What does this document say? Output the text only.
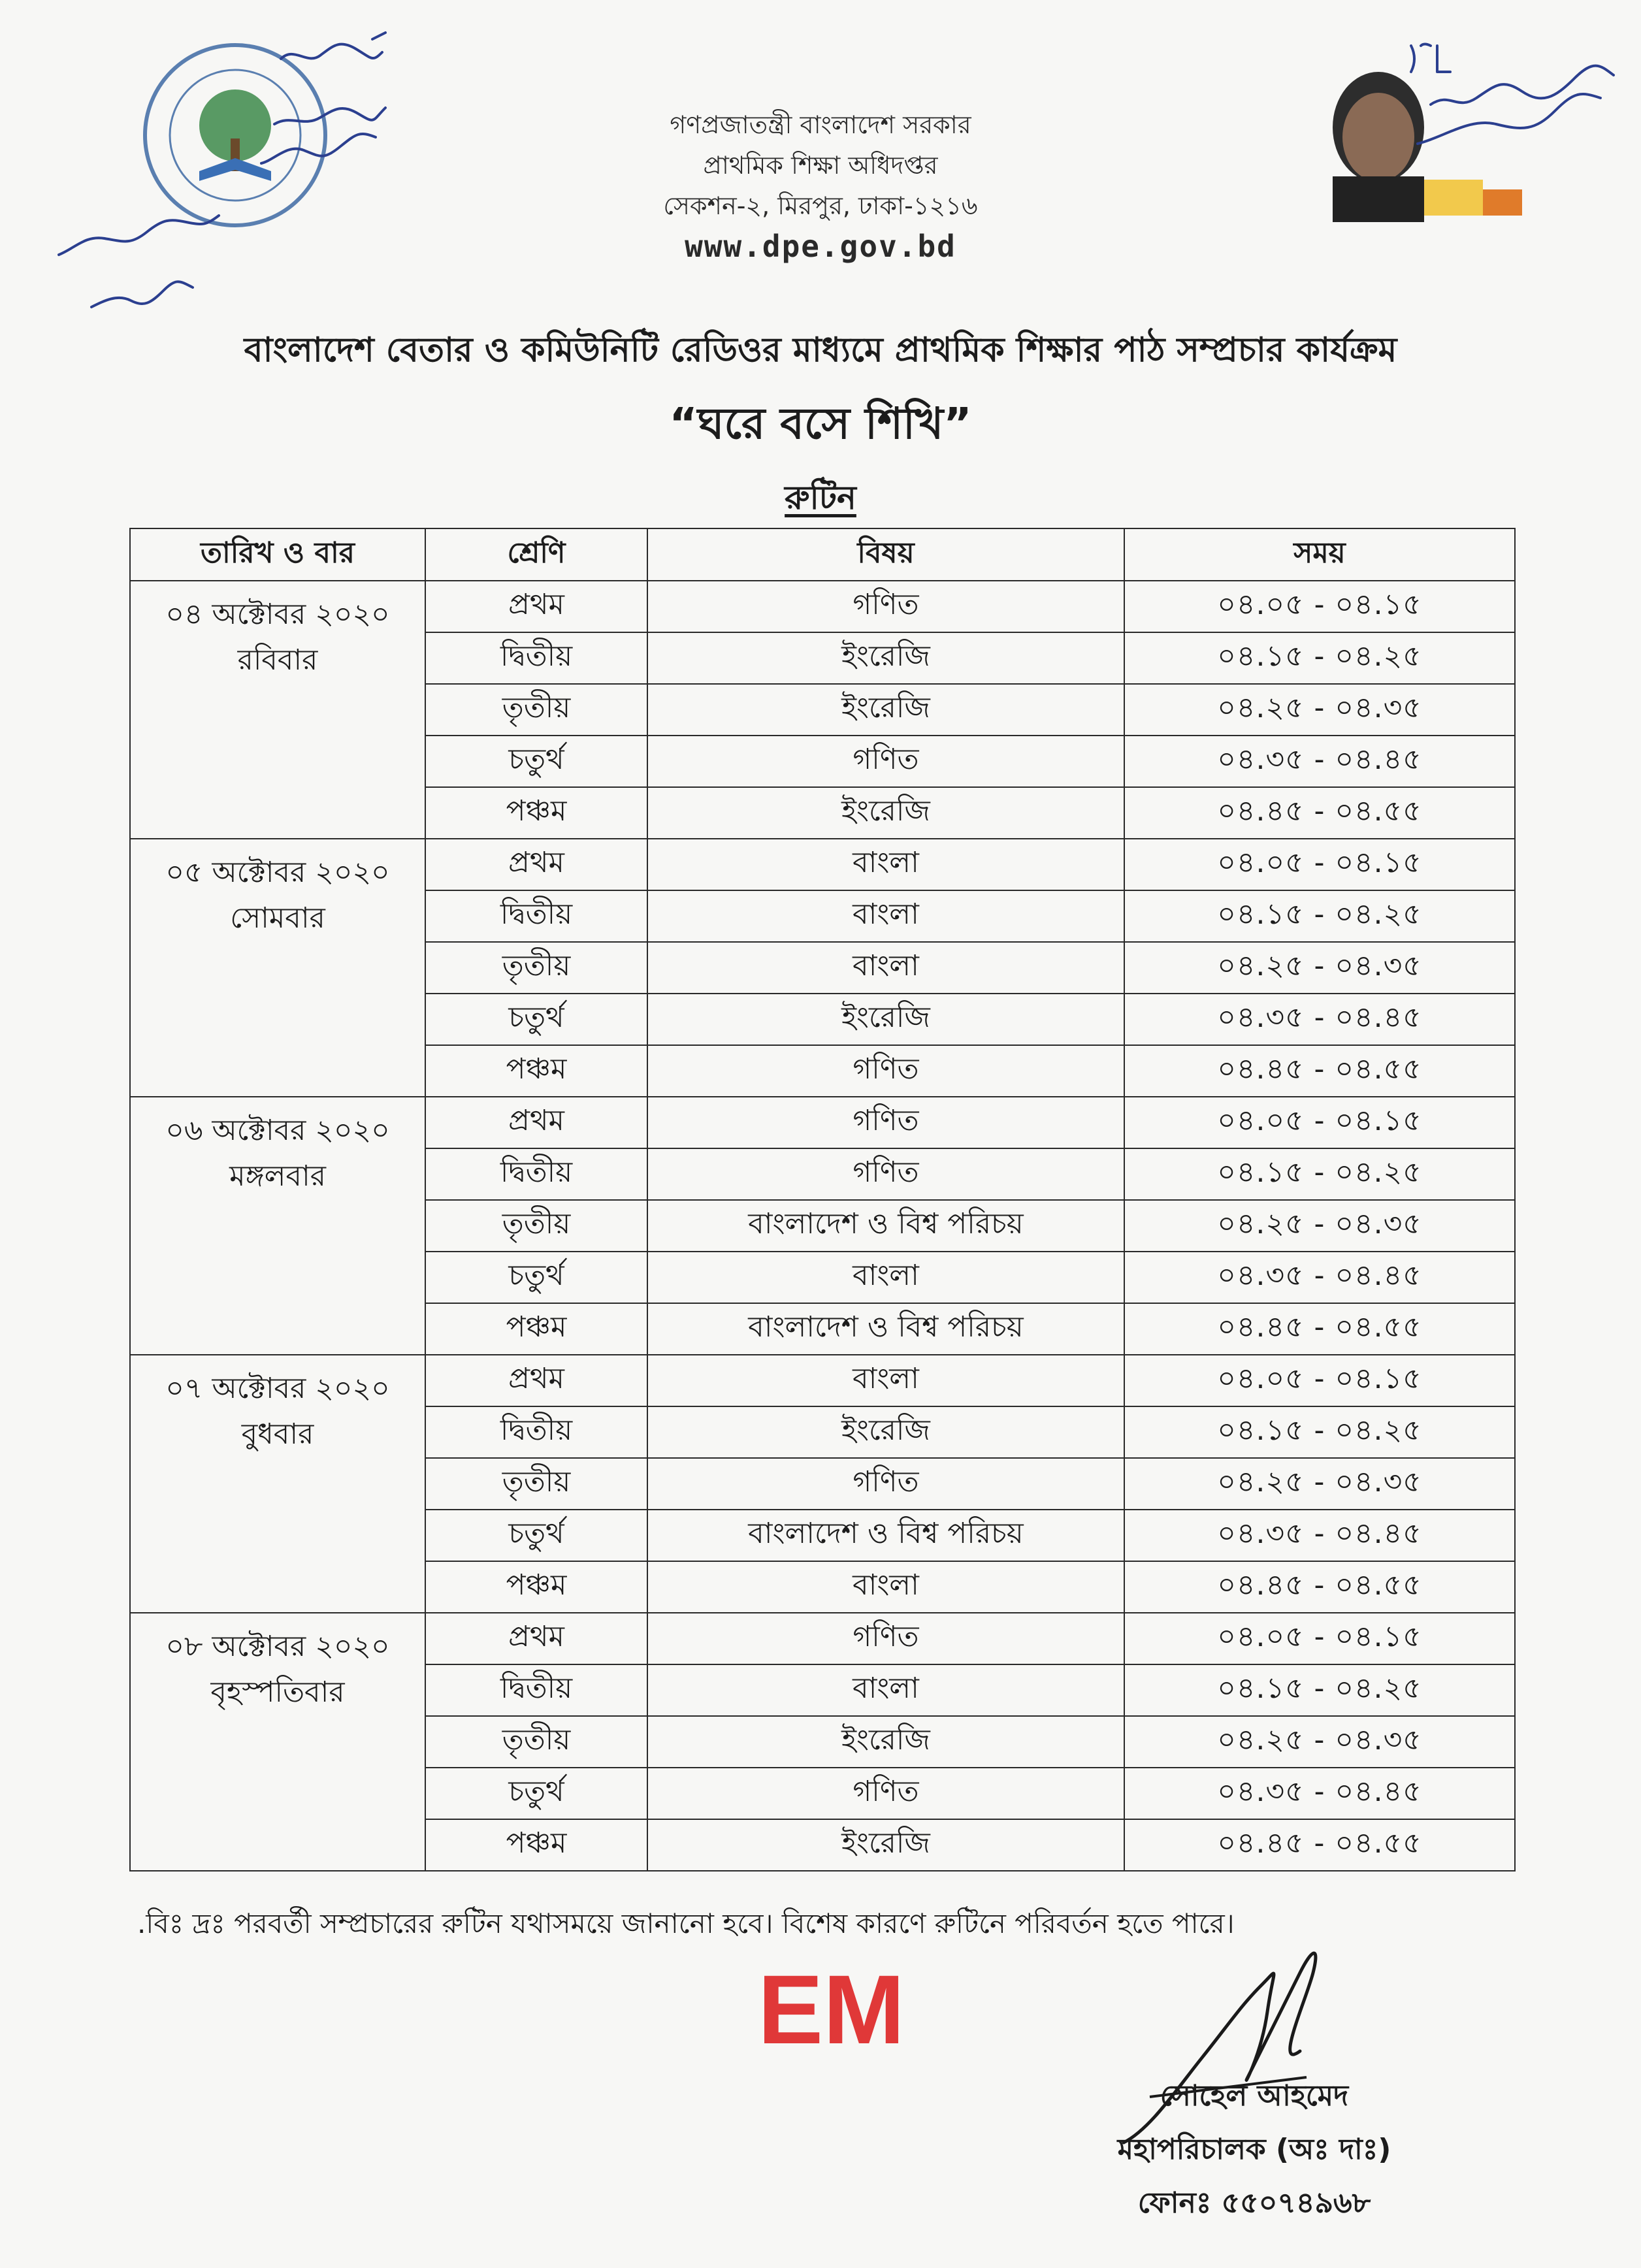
গণপ্রজাতন্ত্রী বাংলাদেশ সরকার
প্রাথমিক শিক্ষা অধিদপ্তর
সেকশন-২, মিরপুর, ঢাকা-১২১৬
www.dpe.gov.bd
বাংলাদেশ বেতার ও কমিউনিটি রেডিওর মাধ্যমে প্রাথমিক শিক্ষার পাঠ সম্প্রচার কার্যক্রম
“ঘরে বসে শিখি”
রুটিন
তারিখ ও বার	শ্রেণি	বিষয়	সময়

০৪ অক্টোবর ২০২০
রবিবার	প্রথম	গণিত	০৪.০৫ - ০৪.১৫
	দ্বিতীয়	ইংরেজি	০৪.১৫ - ০৪.২৫
	তৃতীয়	ইংরেজি	০৪.২৫ - ০৪.৩৫
	চতুর্থ	গণিত	০৪.৩৫ - ০৪.৪৫
	পঞ্চম	ইংরেজি	০৪.৪৫ - ০৪.৫৫

০৫ অক্টোবর ২০২০
সোমবার	প্রথম	বাংলা	০৪.০৫ - ০৪.১৫
	দ্বিতীয়	বাংলা	০৪.১৫ - ০৪.২৫
	তৃতীয়	বাংলা	০৪.২৫ - ০৪.৩৫
	চতুর্থ	ইংরেজি	০৪.৩৫ - ০৪.৪৫
	পঞ্চম	গণিত	০৪.৪৫ - ০৪.৫৫

০৬ অক্টোবর ২০২০
মঙ্গলবার	প্রথম	গণিত	০৪.০৫ - ০৪.১৫
	দ্বিতীয়	গণিত	০৪.১৫ - ০৪.২৫
	তৃতীয়	বাংলাদেশ ও বিশ্ব পরিচয়	০৪.২৫ - ০৪.৩৫
	চতুর্থ	বাংলা	০৪.৩৫ - ০৪.৪৫
	পঞ্চম	বাংলাদেশ ও বিশ্ব পরিচয়	০৪.৪৫ - ০৪.৫৫

০৭ অক্টোবর ২০২০
বুধবার	প্রথম	বাংলা	০৪.০৫ - ০৪.১৫
	দ্বিতীয়	ইংরেজি	০৪.১৫ - ০৪.২৫
	তৃতীয়	গণিত	০৪.২৫ - ০৪.৩৫
	চতুর্থ	বাংলাদেশ ও বিশ্ব পরিচয়	০৪.৩৫ - ০৪.৪৫
	পঞ্চম	বাংলা	০৪.৪৫ - ০৪.৫৫

০৮ অক্টোবর ২০২০
বৃহস্পতিবার	প্রথম	গণিত	০৪.০৫ - ০৪.১৫
	দ্বিতীয়	বাংলা	০৪.১৫ - ০৪.২৫
	তৃতীয়	ইংরেজি	০৪.২৫ - ০৪.৩৫
	চতুর্থ	গণিত	০৪.৩৫ - ০৪.৪৫
	পঞ্চম	ইংরেজি	০৪.৪৫ - ০৪.৫৫
.বিঃ দ্রঃ পরবর্তী সম্প্রচারের রুটিন যথাসময়ে জানানো হবে। বিশেষ কারণে রুটিনে পরিবর্তন হতে পারে।
EM
সোহেল আহমেদ
মহাপরিচালক (অঃ দাঃ)
ফোনঃ ৫৫০৭৪৯৬৮
